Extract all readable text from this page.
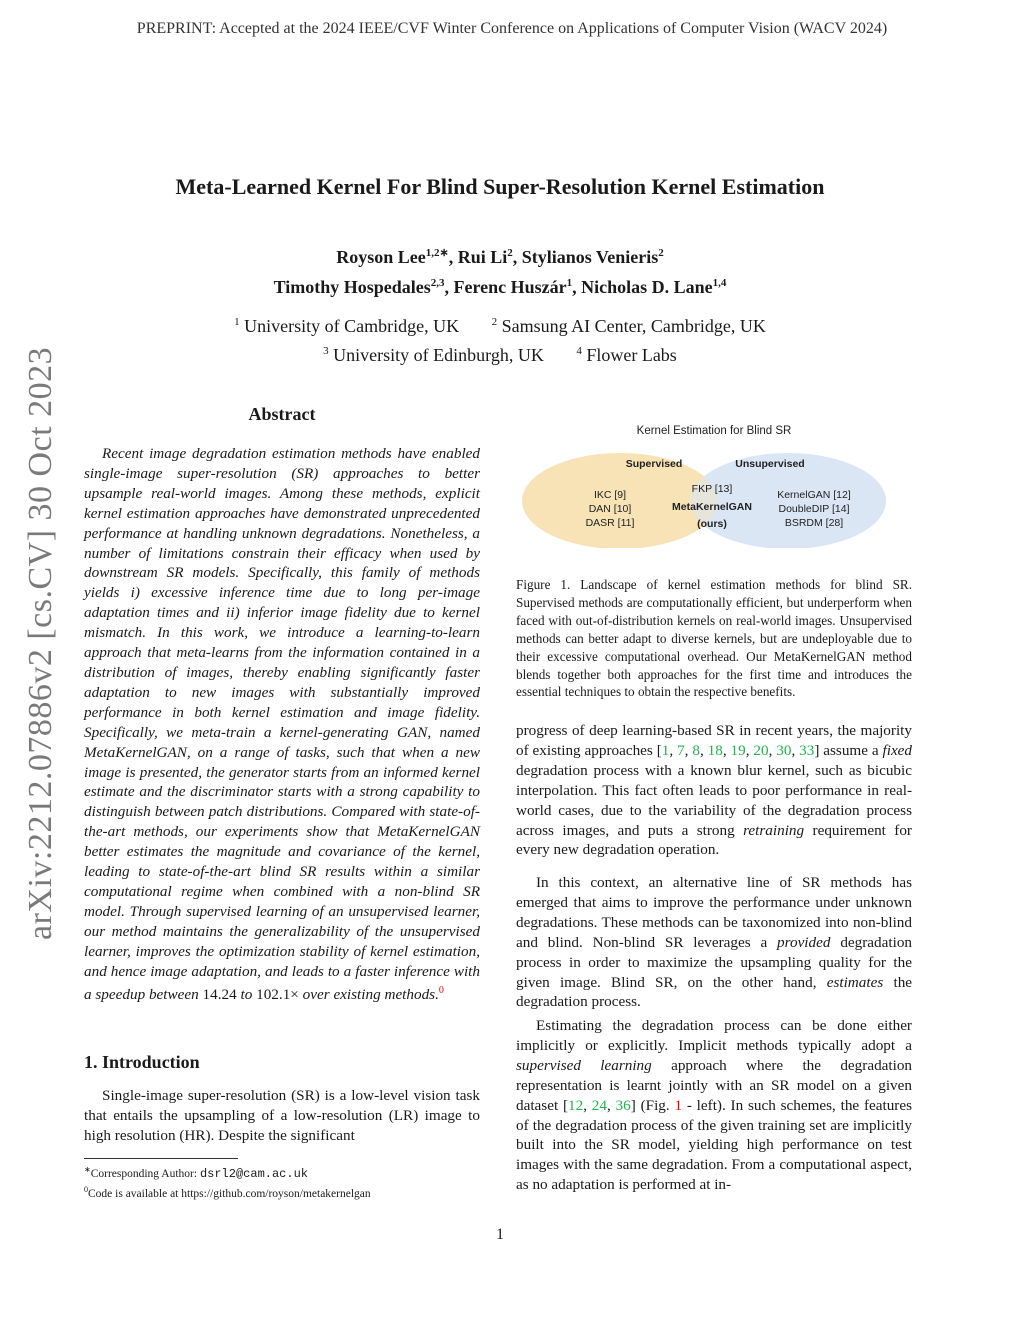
PREPRINT: Accepted at the 2024 IEEE/CVF Winter Conference on Applications of Computer Vision (WACV 2024)
Meta-Learned Kernel For Blind Super-Resolution Kernel Estimation
Royson Lee$^{1,2∗}$, Rui Li$^2$, Stylianos Venieris$^2$
Timothy Hospedales$^{2,3}$, Ferenc Huszár$^1$, Nicholas D. Lane$^{1,4}$
$^1$ University of Cambridge, UK	$^2$ Samsung AI Center, Cambridge, UK
$^3$ University of Edinburgh, UK	$^4$ Flower Labs
arXiv:2212.07886v2 [cs.CV] 30 Oct 2023	Abstract

Recent image degradation estimation methods have enabled single-image super-resolution (SR) approaches to better upsample real-world images. Among these methods, explicit kernel estimation approaches have demonstrated unprecedented performance at handling unknown degradations. Nonetheless, a number of limitations constrain their efficacy when used by downstream SR models. Specifically, this family of methods yields i) excessive inference time due to long per-image adaptation times and ii) inferior image fidelity due to kernel mismatch. In this work, we introduce a learning-to-learn approach that meta-learns from the information contained in a distribution of images, thereby enabling significantly faster adaptation to new images with substantially improved performance in both kernel estimation and image fidelity. Specifically, we meta-train a kernel-generating GAN, named MetaKernelGAN, on a range of tasks, such that when a new image is presented, the generator starts from an informed kernel estimate and the discriminator starts with a strong capability to distinguish between patch distributions. Compared with state-of-the-art methods, our experiments show that MetaKernelGAN better estimates the magnitude and covariance of the kernel, leading to state-of-the-art blind SR results within a similar computational regime when combined with a non-blind SR model. Through supervised learning of an unsupervised learner, our method maintains the generalizability of the unsupervised learner, improves the optimization stability of kernel estimation, and hence image adaptation, and leads to a faster inference with a speedup between 14.24 to 102.1× over existing methods.$^0$

1. Introduction

Single-image super-resolution (SR) is a low-level vision task that entails the upsampling of a low-resolution (LR) image to high resolution (HR). Despite the significant

∗Corresponding Author: dsrl2@cam.ac.uk
$^0$Code is available at https://github.com/royson/metakernelgan
Kernel Estimation for Blind SR
Supervised	Unsupervised
IKC [9]
DAN [10]
DASR [11]
FKP [13]
MetaKernelGAN
(ours)
KernelGAN [12]
DoubleDIP [14]
BSRDM [28]

Figure 1. Landscape of kernel estimation methods for blind SR. Supervised methods are computationally efficient, but underperform when faced with out-of-distribution kernels on real-world images. Unsupervised methods can better adapt to diverse kernels, but are undeployable due to their excessive computational overhead. Our MetaKernelGAN method blends together both approaches for the first time and introduces the essential techniques to obtain the respective benefits.

progress of deep learning-based SR in recent years, the majority of existing approaches [1, 7, 8, 18, 19, 20, 30, 33] assume a fixed degradation process with a known blur kernel, such as bicubic interpolation. This fact often leads to poor performance in real-world cases, due to the variability of the degradation process across images, and puts a strong retraining requirement for every new degradation operation.

In this context, an alternative line of SR methods has emerged that aims to improve the performance under unknown degradations. These methods can be taxonomized into non-blind and blind. Non-blind SR leverages a provided degradation process in order to maximize the upsampling quality for the given image. Blind SR, on the other hand, estimates the degradation process.

Estimating the degradation process can be done either implicitly or explicitly. Implicit methods typically adopt a supervised learning approach where the degradation representation is learnt jointly with an SR model on a given dataset [12, 24, 36] (Fig. 1 - left). In such schemes, the features of the degradation process of the given training set are implicitly built into the SR model, yielding high performance on test images with the same degradation. From a computational aspect, as no adaptation is performed at in-

1
